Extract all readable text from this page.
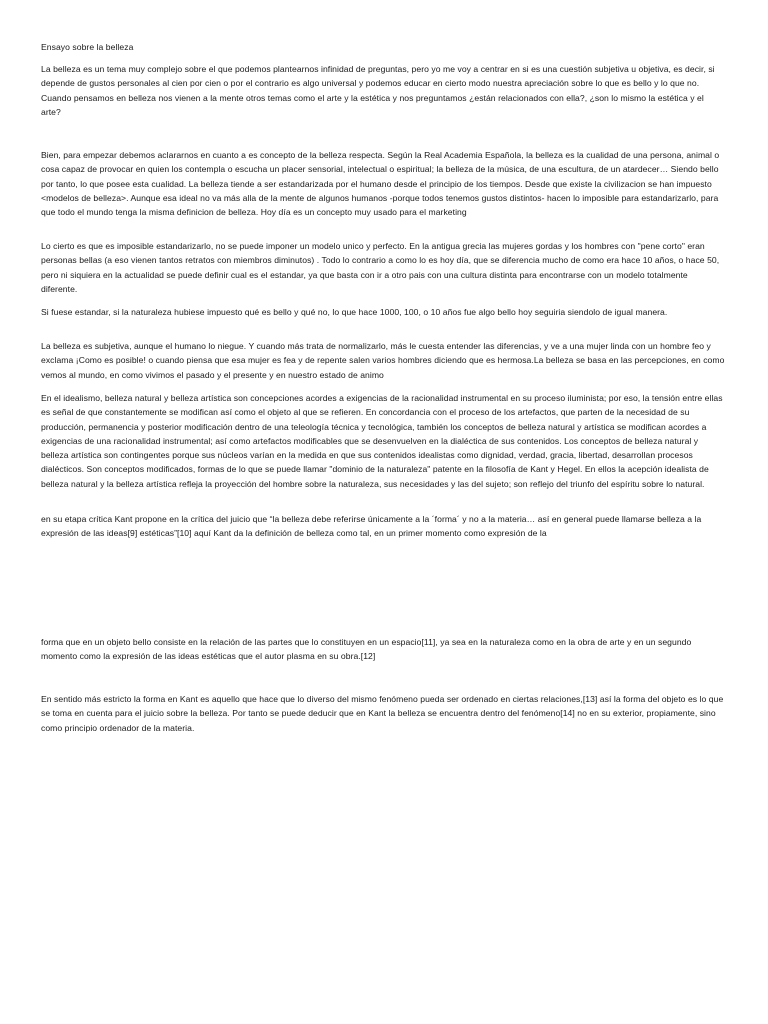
Ensayo sobre la belleza

La belleza es un tema muy complejo sobre el que podemos plantearnos infinidad de preguntas, pero yo me voy a centrar en si es una cuestión subjetiva u objetiva, es decir, si depende de gustos personales al cien por cien o por el contrario es algo universal y podemos educar en cierto modo nuestra apreciación sobre lo que es bello y lo que no. Cuando pensamos en belleza nos vienen a la mente otros temas como el arte y la estética y nos preguntamos ¿están relacionados con ella?, ¿son lo mismo la estética y el arte?

Bien, para empezar debemos aclararnos en cuanto a es concepto de la belleza respecta. Según la Real Academia Española, la belleza es la cualidad de una persona, animal o cosa capaz de provocar en quien los contempla o escucha un placer sensorial, intelectual o espiritual; la belleza de la música, de una escultura, de un atardecer… Siendo bello por tanto, lo que posee esta cualidad. La belleza tiende a ser estandarizada por el humano desde el principio de los tiempos. Desde que existe la civilizacion se han impuesto <modelos de belleza>. Aunque esa ideal no va más alla de la mente de algunos humanos -porque todos tenemos gustos distintos- hacen lo imposible para estandarizarlo, para que todo el mundo tenga la misma definicion de belleza. Hoy día es un concepto muy usado para el marketing

Lo cierto es que es imposible estandarizarlo, no se puede imponer un modelo unico y perfecto. En la antigua grecia las mujeres gordas y los hombres con "pene corto" eran personas bellas (a eso vienen tantos retratos con miembros diminutos) . Todo lo contrario a como lo es hoy día, que se diferencia mucho de como era hace 10 años, o hace 50, pero ni siquiera en la actualidad se puede definir cual es el estandar, ya que basta con ir a otro pais con una cultura distinta para encontrarse con un modelo totalmente diferente.

Si fuese estandar, si la naturaleza hubiese impuesto qué es bello y qué no, lo que hace 1000, 100, o 10 años fue algo bello hoy seguiria siendolo de igual manera.

La belleza es subjetiva, aunque el humano lo niegue. Y cuando más trata de normalizarlo, más le cuesta entender las diferencias, y ve a una mujer linda con un hombre feo y exclama ¡Como es posible! o cuando piensa que esa mujer es fea y de repente salen varios hombres diciendo que es hermosa.La belleza se basa en las percepciones, en como vemos al mundo, en como vivimos el pasado y el presente y en nuestro estado de animo

En el idealismo, belleza natural y belleza artística son concepciones acordes a exigencias de la racionalidad instrumental en su proceso iluminista; por eso, la tensión entre ellas es señal de que constantemente se modifican así como el objeto al que se refieren. En concordancia con el proceso de los artefactos, que parten de la necesidad de su producción, permanencia y posterior modificación dentro de una teleología técnica y tecnológica, también los conceptos de belleza natural y artística se modifican acordes a exigencias de una racionalidad instrumental; así como artefactos modificables que se desenvuelven en la dialéctica de sus contenidos. Los conceptos de belleza natural y belleza artística son contingentes porque sus núcleos varían en la medida en que sus contenidos idealistas como dignidad, verdad, gracia, libertad, desarrollan procesos dialécticos. Son conceptos modificados, formas de lo que se puede llamar "dominio de la naturaleza" patente en la filosofía de Kant y Hegel. En ellos la acepción idealista de belleza natural y la belleza artística refleja la proyección del hombre sobre la naturaleza, sus necesidades y las del sujeto; son reflejo del triunfo del espíritu sobre lo natural.

en su etapa crítica Kant propone en la crítica del juicio que “la belleza debe referirse únicamente a la ´forma´ y no a la materia… así en general puede llamarse belleza a la expresión de las ideas[9] estéticas”[10] aquí Kant da la definición de belleza como tal, en un primer momento como expresión de la

forma que en un objeto bello consiste en la relación de las partes que lo constituyen en un espacio[11], ya sea en la naturaleza como en la obra de arte y en un segundo momento como la expresión de las ideas estéticas que el autor plasma en su obra.[12]

En sentido más estricto la forma en Kant es aquello que hace que lo diverso del mismo fenómeno pueda ser ordenado en ciertas relaciones,[13] así la forma del objeto es lo que se toma en cuenta para el juicio sobre la belleza. Por tanto se puede deducir que en Kant la belleza se encuentra dentro del fenómeno[14] no en su exterior, propiamente, sino como principio ordenador de la materia.
